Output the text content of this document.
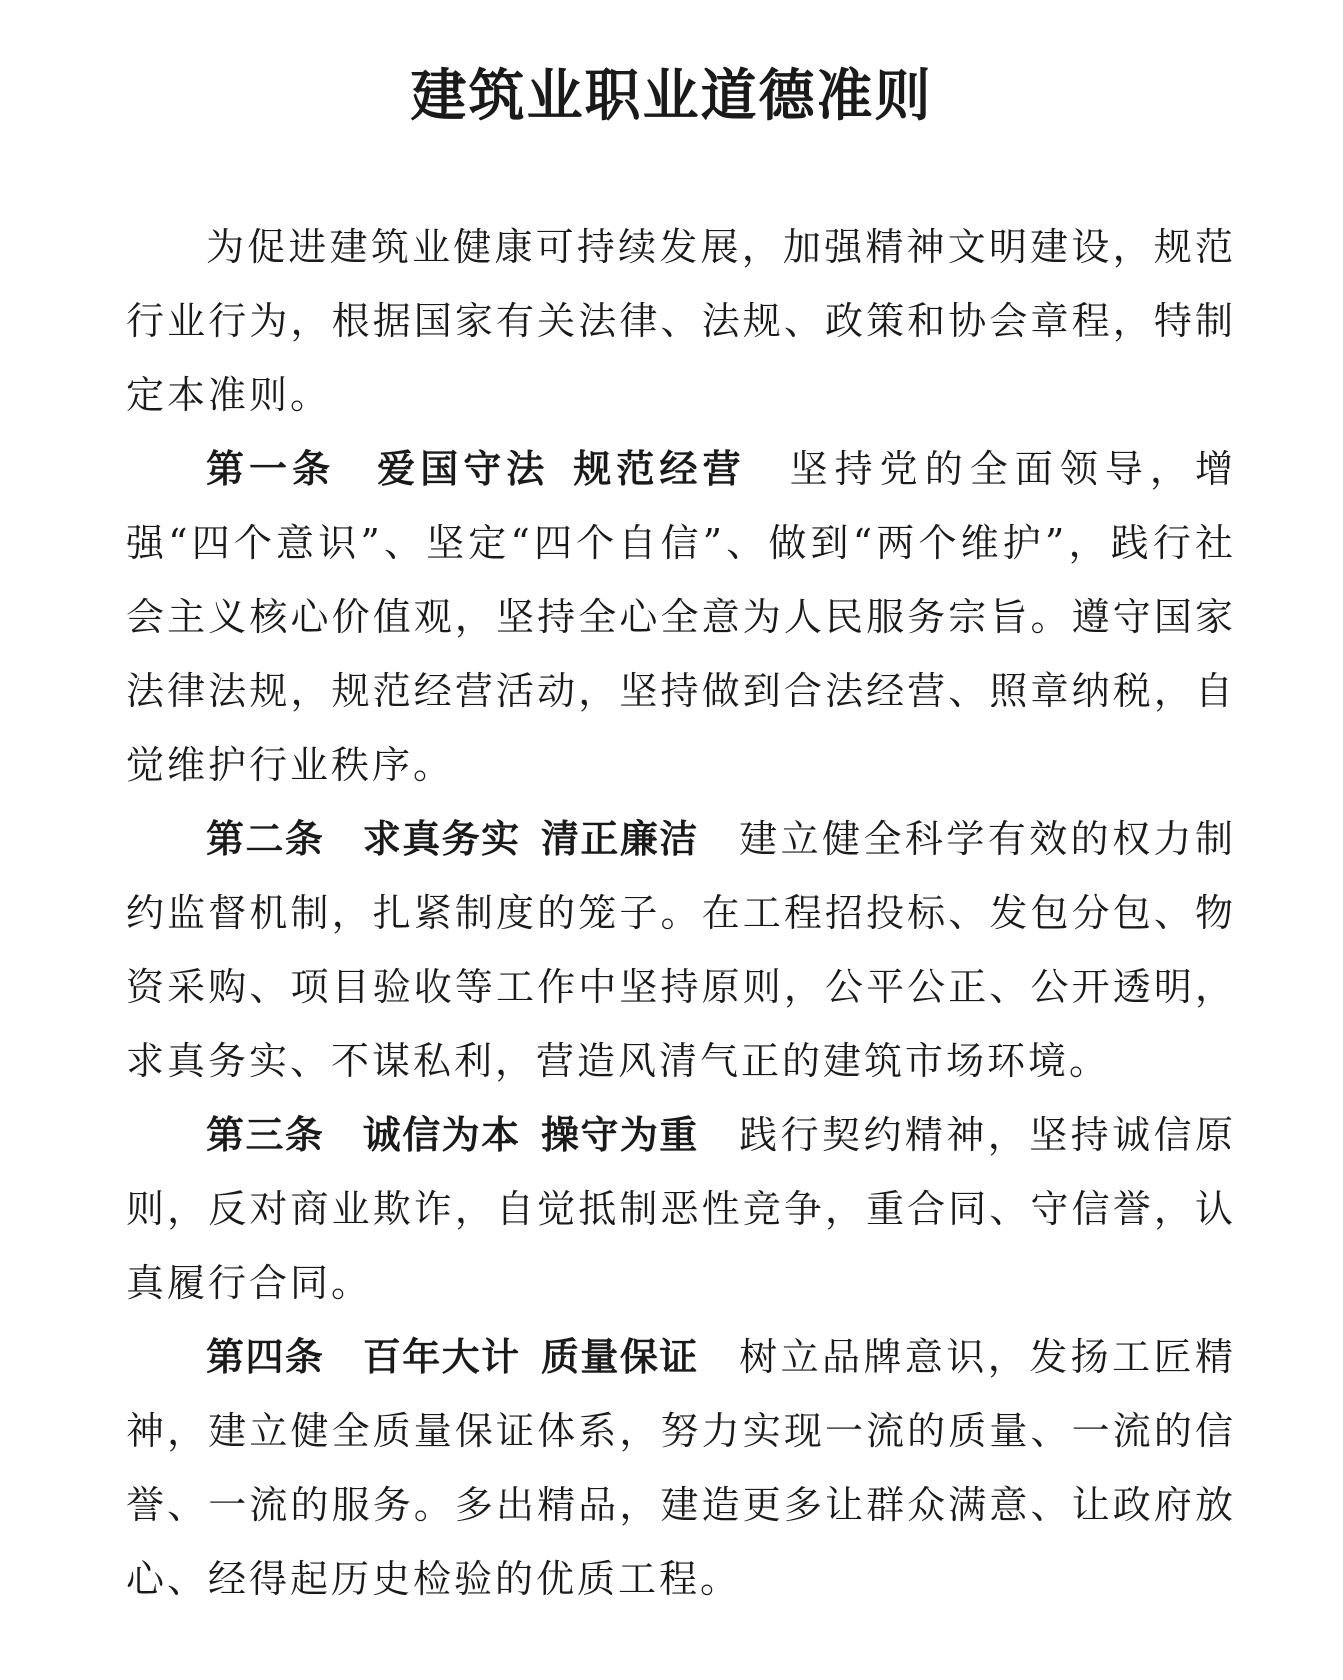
建筑业职业道德准则

为促进建筑业健康可持续发展，加强精神文明建设，规范行业行为，根据国家有关法律、法规、政策和协会章程，特制定本准则。

第一条 爱国守法 规范经营 坚持党的全面领导，增强“四个意识”、坚定“四个自信”、做到“两个维护”，践行社会主义核心价值观，坚持全心全意为人民服务宗旨。遵守国家法律法规，规范经营活动，坚持做到合法经营、照章纳税，自觉维护行业秩序。

第二条 求真务实 清正廉洁 建立健全科学有效的权力制约监督机制，扎紧制度的笼子。在工程招投标、发包分包、物资采购、项目验收等工作中坚持原则，公平公正、公开透明，求真务实、不谋私利，营造风清气正的建筑市场环境。

第三条 诚信为本 操守为重 践行契约精神，坚持诚信原则，反对商业欺诈，自觉抵制恶性竞争，重合同、守信誉，认真履行合同。

第四条 百年大计 质量保证 树立品牌意识，发扬工匠精神，建立健全质量保证体系，努力实现一流的质量、一流的信誉、一流的服务。多出精品，建造更多让群众满意、让政府放心、经得起历史检验的优质工程。
